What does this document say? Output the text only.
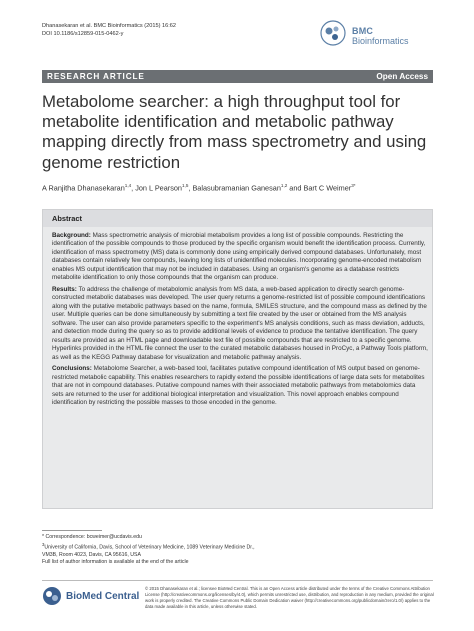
Dhanasekaran et al. BMC Bioinformatics (2015) 16:62
DOI 10.1186/s12859-015-0462-y	BMC
Bioinformatics
RESEARCH ARTICLE	Open Access
Metabolome searcher: a high throughput tool for metabolite identification and metabolic pathway mapping directly from mass spectrometry and using genome restriction
A Ranjitha Dhanasekaran$^{1,4}$, Jon L Pearson$^{1,5}$, Balasubramanian Ganesan$^{1,2}$ and Bart C Weimer$^{3*}$
Abstract

Background: Mass spectrometric analysis of microbial metabolism provides a long list of possible compounds. Restricting the identification of the possible compounds to those produced by the specific organism would benefit the identification process. Currently, identification of mass spectrometry (MS) data is commonly done using empirically derived compound databases. Unfortunately, most databases contain relatively few compounds, leaving long lists of unidentified molecules. Incorporating genome-encoded metabolism enables MS output identification that may not be included in databases. Using an organism's genome as a database restricts metabolite identification to only those compounds that the organism can produce.

Results: To address the challenge of metabolomic analysis from MS data, a web-based application to directly search genome-constructed metabolic databases was developed. The user query returns a genome-restricted list of possible compound identifications along with the putative metabolic pathways based on the name, formula, SMILES structure, and the compound mass as defined by the user. Multiple queries can be done simultaneously by submitting a text file created by the user or obtained from the MS analysis software. The user can also provide parameters specific to the experiment's MS analysis conditions, such as mass deviation, adducts, and detection mode during the query so as to provide additional levels of evidence to produce the tentative identification. The query results are provided as an HTML page and downloadable text file of possible compounds that are restricted to a specific genome. Hyperlinks provided in the HTML file connect the user to the curated metabolic databases housed in ProCyc, a Pathway Tools platform, as well as the KEGG Pathway database for visualization and metabolic pathway analysis.

Conclusions: Metabolome Searcher, a web-based tool, facilitates putative compound identification of MS output based on genome-restricted metabolic capability. This enables researchers to rapidly extend the possible identifications of large data sets for metabolites that are not in compound databases. Putative compound names with their associated metabolic pathways from metabolomics data sets are returned to the user for additional biological interpretation and visualization. This novel approach enables compound identification by restricting the possible masses to those encoded in the genome.

* Correspondence: bcweimer@ucdavis.edu
$^3$University of California, Davis, School of Veterinary Medicine, 1089 Veterinary Medicine Dr., VM3B, Room 4023, Davis, CA 95616, USA
Full list of author information is available at the end of the article
BioMed Central
© 2015 Dhanasekaran et al.; licensee BioMed Central. This is an Open Access article distributed under the terms of the Creative Commons Attribution License (http://creativecommons.org/licenses/by/4.0), which permits unrestricted use, distribution, and reproduction in any medium, provided the original work is properly credited. The Creative Commons Public Domain Dedication waiver (http://creativecommons.org/publicdomain/zero/1.0/) applies to the data made available in this article, unless otherwise stated.
